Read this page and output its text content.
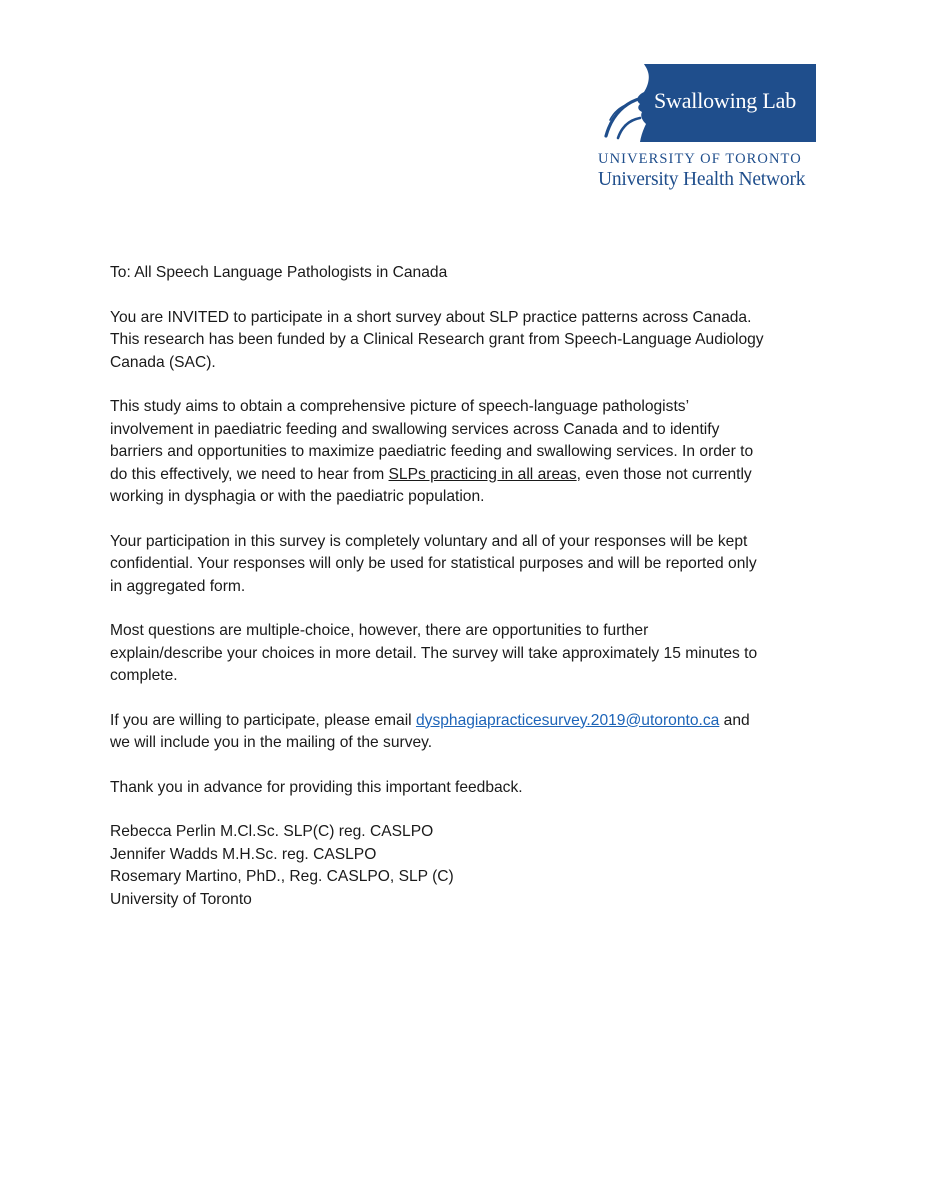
Swallowing Lab
UNIVERSITY OF TORONTO
University Health Network

To: All Speech Language Pathologists in Canada

You are INVITED to participate in a short survey about SLP practice patterns across Canada.
This research has been funded by a Clinical Research grant from Speech-Language Audiology
Canada (SAC).

This study aims to obtain a comprehensive picture of speech-language pathologists’
involvement in paediatric feeding and swallowing services across Canada and to identify
barriers and opportunities to maximize paediatric feeding and swallowing services. In order to
do this effectively, we need to hear from SLPs practicing in all areas, even those not currently
working in dysphagia or with the paediatric population.

Your participation in this survey is completely voluntary and all of your responses will be kept
confidential. Your responses will only be used for statistical purposes and will be reported only
in aggregated form.

Most questions are multiple-choice, however, there are opportunities to further
explain/describe your choices in more detail. The survey will take approximately 15 minutes to
complete.

If you are willing to participate, please email dysphagiapracticesurvey.2019@utoronto.ca and
we will include you in the mailing of the survey.

Thank you in advance for providing this important feedback.

Rebecca Perlin M.Cl.Sc. SLP(C) reg. CASLPO
Jennifer Wadds M.H.Sc. reg. CASLPO
Rosemary Martino, PhD., Reg. CASLPO, SLP (C)
University of Toronto
